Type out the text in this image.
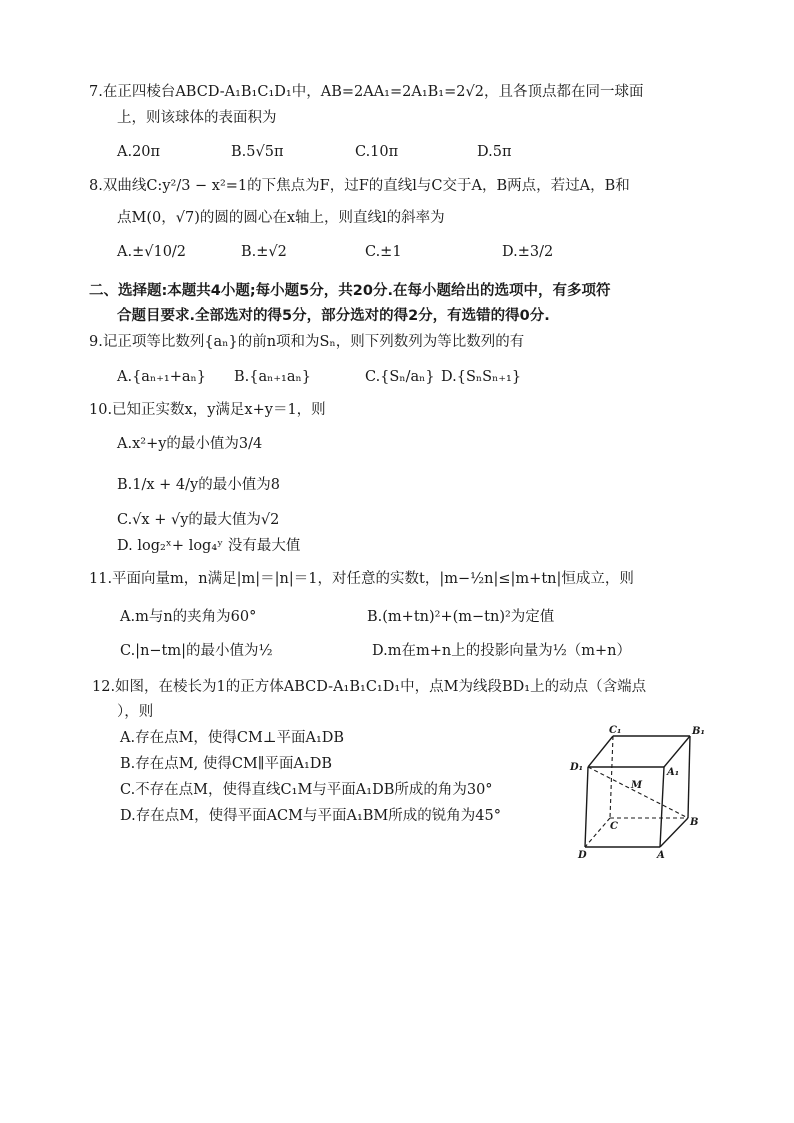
7.在正四棱台ABCD-A₁B₁C₁D₁中，AB=2AA₁=2A₁B₁=2√2，且各顶点都在同一球面
上，则该球体的表面积为
A.20π	B.5√5π	C.10π	D.5π
8.双曲线C:y²/3 − x²=1的下焦点为F，过F的直线l与C交于A，B两点，若过A，B和
点M(0，√7)的圆的圆心在x轴上，则直线l的斜率为
A.±√10/2	B.±√2	C.±1	D.±3/2
二、选择题:本题共4小题;每小题5分，共20分.在每小题给出的选项中，有多项符
合题目要求.全部选对的得5分，部分选对的得2分，有选错的得0分.
9.记正项等比数列{aₙ}的前n项和为Sₙ，则下列数列为等比数列的有
A.{aₙ₊₁+aₙ} B.{aₙ₊₁aₙ}	C.{Sₙ/aₙ} D.{SₙSₙ₊₁}
10.已知正实数x，y满足x+y＝1，则
A.x²+y的最小值为3/4
B.1/x + 4/y的最小值为8
C.√x + √y的最大值为√2
D. log₂ˣ+ log₄ʸ 没有最大值
11.平面向量m，n满足|m|＝|n|＝1，对任意的实数t，|m−½n|≤|m+tn|恒成立，则
A.m与n的夹角为60°	B.(m+tn)²+(m−tn)²为定值
C.|n−tm|的最小值为½	D.m在m+n上的投影向量为½（m+n）
12.如图，在棱长为1的正方体ABCD-A₁B₁C₁D₁中，点M为线段BD₁上的动点（含端点
），则
A.存在点M，使得CM⊥平面A₁DB
B.存在点M, 使得CM∥平面A₁DB
C.不存在点M，使得直线C₁M与平面A₁DB所成的角为30°
D.存在点M，使得平面ACM与平面A₁BM所成的锐角为45°
C₁	B₁
D₁	A₁
M
C	B
D	A
